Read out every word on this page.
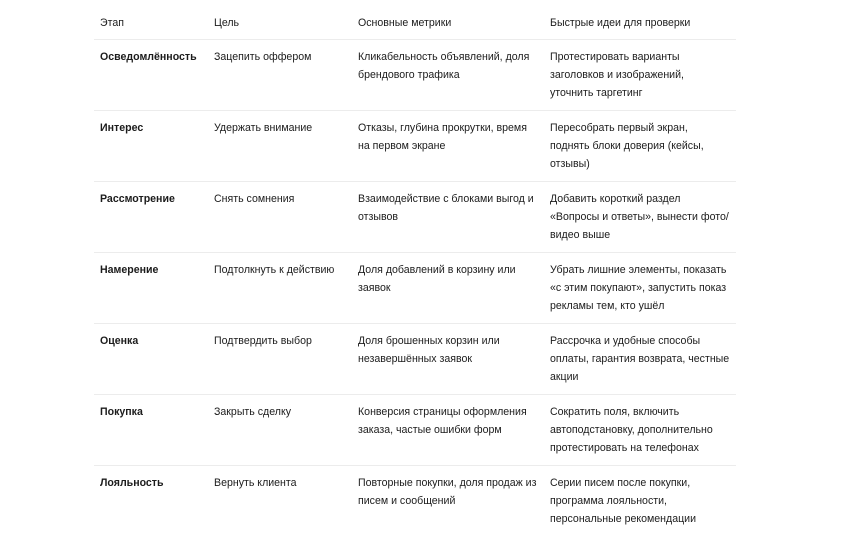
Этап	Цель	Основные метрики	Быстрые идеи для проверки
Осведомлённость	Зацепить оффером	Кликабельность объявлений, доля брендового трафика	Протестировать варианты заголовков и изображений, уточнить таргетинг
Интерес	Удержать внимание	Отказы, глубина прокрутки, время на первом экране	Пересобрать первый экран, поднять блоки доверия (кейсы, отзывы)
Рассмотрение	Снять сомнения	Взаимодействие с блоками выгод и отзывов	Добавить короткий раздел «Вопросы и ответы», вынести фото/видео выше
Намерение	Подтолкнуть к действию	Доля добавлений в корзину или заявок	Убрать лишние элементы, показать «с этим покупают», запустить показ рекламы тем, кто ушёл
Оценка	Подтвердить выбор	Доля брошенных корзин или незавершённых заявок	Рассрочка и удобные способы оплаты, гарантия возврата, честные акции
Покупка	Закрыть сделку	Конверсия страницы оформления заказа, частые ошибки форм	Сократить поля, включить автоподстановку, дополнительно протестировать на телефонах
Лояльность	Вернуть клиента	Повторные покупки, доля продаж из писем и сообщений	Серии писем после покупки, программа лояльности, персональные рекомендации
